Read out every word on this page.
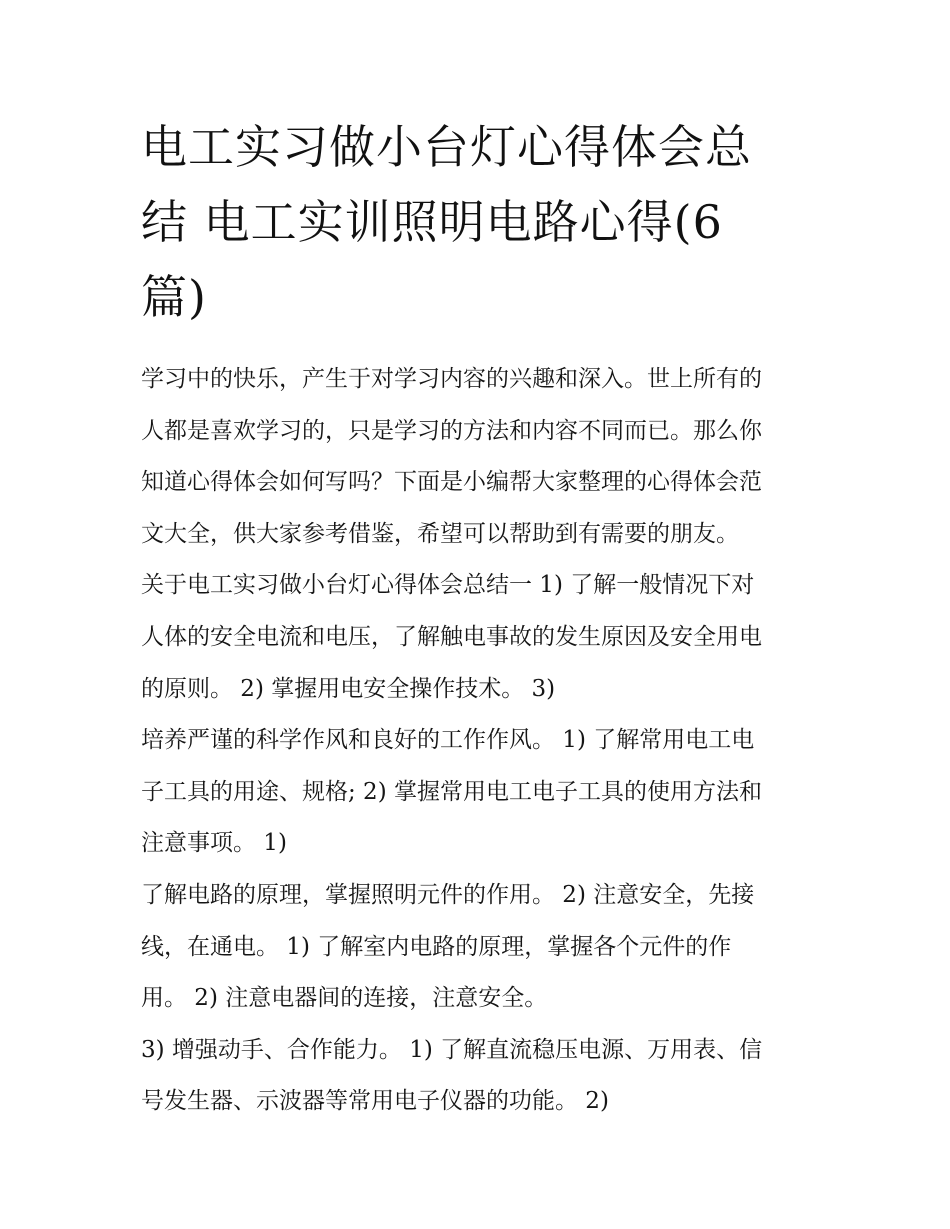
电工实习做小台灯心得体会总
结 电工实训照明电路心得(6
篇)
学习中的快乐，产生于对学习内容的兴趣和深入。世上所有的
人都是喜欢学习的，只是学习的方法和内容不同而已。那么你
知道心得体会如何写吗？下面是小编帮大家整理的心得体会范
文大全，供大家参考借鉴，希望可以帮助到有需要的朋友。
关于电工实习做小台灯心得体会总结一 1) 了解一般情况下对
人体的安全电流和电压，了解触电事故的发生原因及安全用电
的原则。 2) 掌握用电安全操作技术。 3)
培养严谨的科学作风和良好的工作作风。 1) 了解常用电工电
子工具的用途、规格; 2) 掌握常用电工电子工具的使用方法和
注意事项。 1)
了解电路的原理，掌握照明元件的作用。 2) 注意安全，先接
线，在通电。 1) 了解室内电路的原理，掌握各个元件的作
用。 2) 注意电器间的连接，注意安全。
3) 增强动手、合作能力。 1) 了解直流稳压电源、万用表、信
号发生器、示波器等常用电子仪器的功能。 2)
